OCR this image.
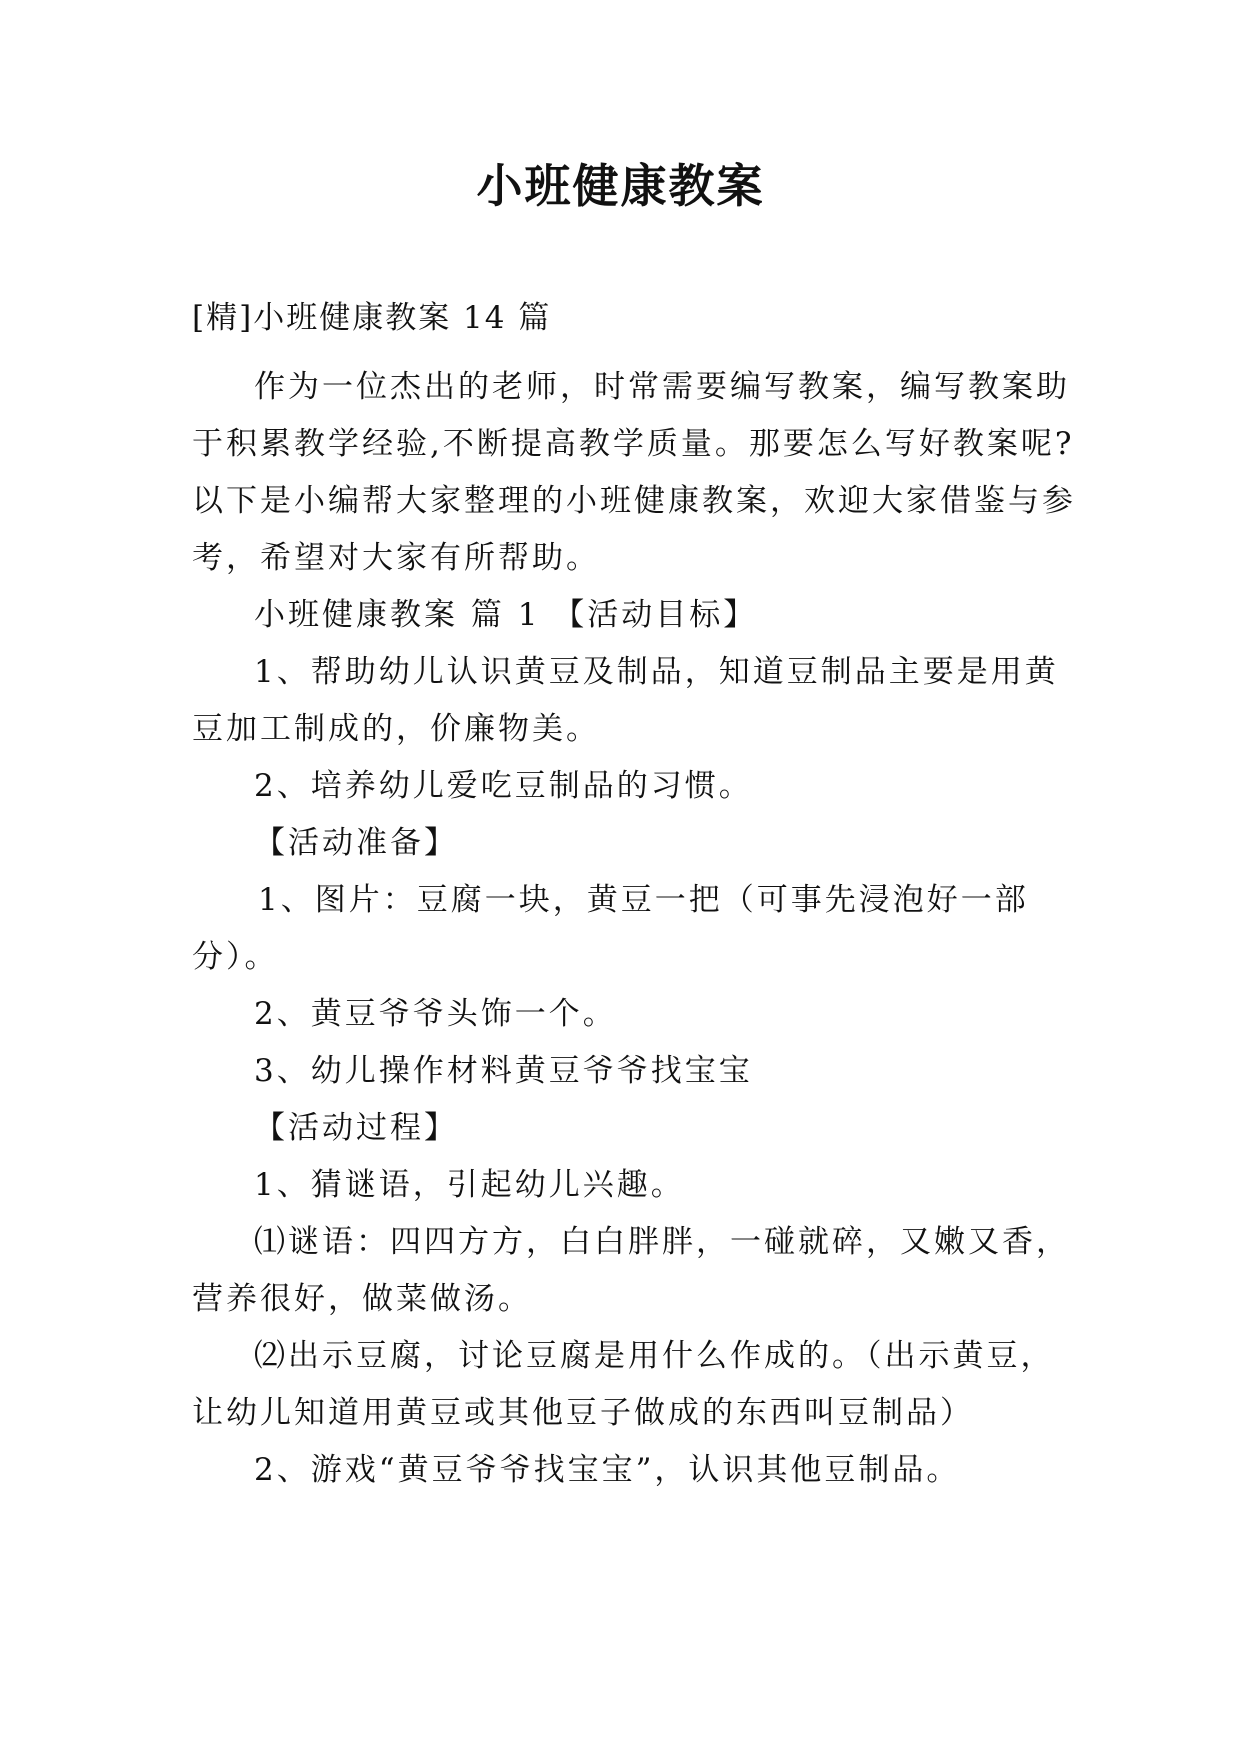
小班健康教案
[精]小班健康教案 14 篇
作为一位杰出的老师，时常需要编写教案，编写教案助
于积累教学经验,不断提高教学质量。那要怎么写好教案呢?
以下是小编帮大家整理的小班健康教案，欢迎大家借鉴与参
考，希望对大家有所帮助。
小班健康教案 篇 1 【活动目标】
1、帮助幼儿认识黄豆及制品，知道豆制品主要是用黄
豆加工制成的，价廉物美。
2、培养幼儿爱吃豆制品的习惯。
【活动准备】
1、图片：豆腐一块，黄豆一把（可事先浸泡好一部
分）。
2、黄豆爷爷头饰一个。
3、幼儿操作材料黄豆爷爷找宝宝
【活动过程】
1、猜谜语，引起幼儿兴趣。
⑴谜语：四四方方，白白胖胖，一碰就碎，又嫩又香，
营养很好，做菜做汤。
⑵出示豆腐，讨论豆腐是用什么作成的。（出示黄豆，
让幼儿知道用黄豆或其他豆子做成的东西叫豆制品）
2、游戏“黄豆爷爷找宝宝”，认识其他豆制品。
